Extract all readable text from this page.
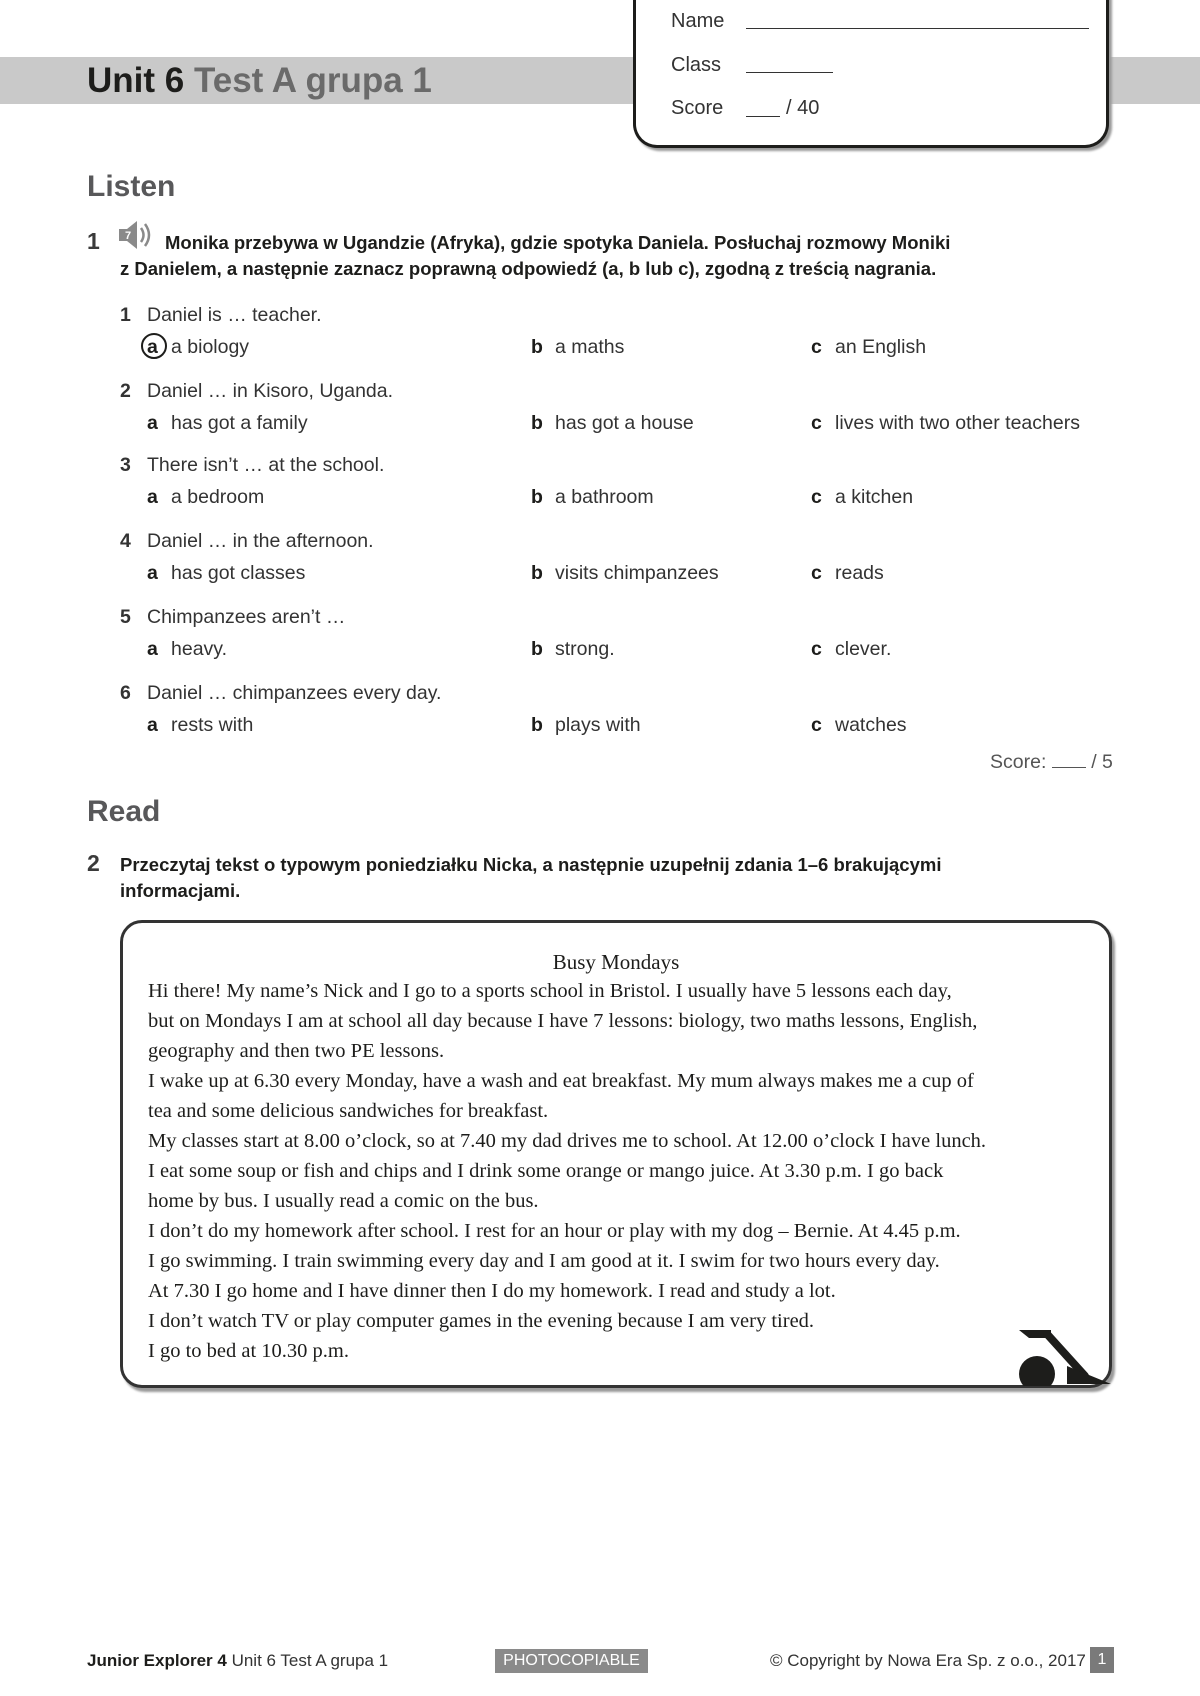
Unit 6 Test A grupa 1
Name
Class
Score	/ 40
Listen
1 7 Monika przebywa w Ugandzie (Afryka), gdzie spotyka Daniela. Posłuchaj rozmowy Moniki
z Danielem, a następnie zaznacz poprawną odpowiedź (a, b lub c), zgodną z treścią nagrania.
1 Daniel is … teacher.
a a biology	b a maths	c an English
2 Daniel … in Kisoro, Uganda.
a has got a family	b has got a house	c lives with two other teachers
3 There isn’t … at the school.
a a bedroom	b a bathroom	c a kitchen
4 Daniel … in the afternoon.
a has got classes	b visits chimpanzees	c reads
5 Chimpanzees aren’t …
a heavy.	b strong.	c clever.
6 Daniel … chimpanzees every day.
a rests with	b plays with	c watches
Score: / 5
Read
2 Przeczytaj tekst o typowym poniedziałku Nicka, a następnie uzupełnij zdania 1–6 brakującymi
informacjami.
Busy Mondays
Hi there! My name’s Nick and I go to a sports school in Bristol. I usually have 5 lessons each day,
but on Mondays I am at school all day because I have 7 lessons: biology, two maths lessons, English,
geography and then two PE lessons.
I wake up at 6.30 every Monday, have a wash and eat breakfast. My mum always makes me a cup of
tea and some delicious sandwiches for breakfast.
My classes start at 8.00 o’clock, so at 7.40 my dad drives me to school. At 12.00 o’clock I have lunch.
I eat some soup or fish and chips and I drink some orange or mango juice. At 3.30 p.m. I go back
home by bus. I usually read a comic on the bus.
I don’t do my homework after school. I rest for an hour or play with my dog – Bernie. At 4.45 p.m.
I go swimming. I train swimming every day and I am good at it. I swim for two hours every day.
At 7.30 I go home and I have dinner then I do my homework. I read and study a lot.
I don’t watch TV or play computer games in the evening because I am very tired.
I go to bed at 10.30 p.m.
Junior Explorer 4 Unit 6 Test A grupa 1	PHOTOCOPIABLE	© Copyright by Nowa Era Sp. z o.o., 2017 1
